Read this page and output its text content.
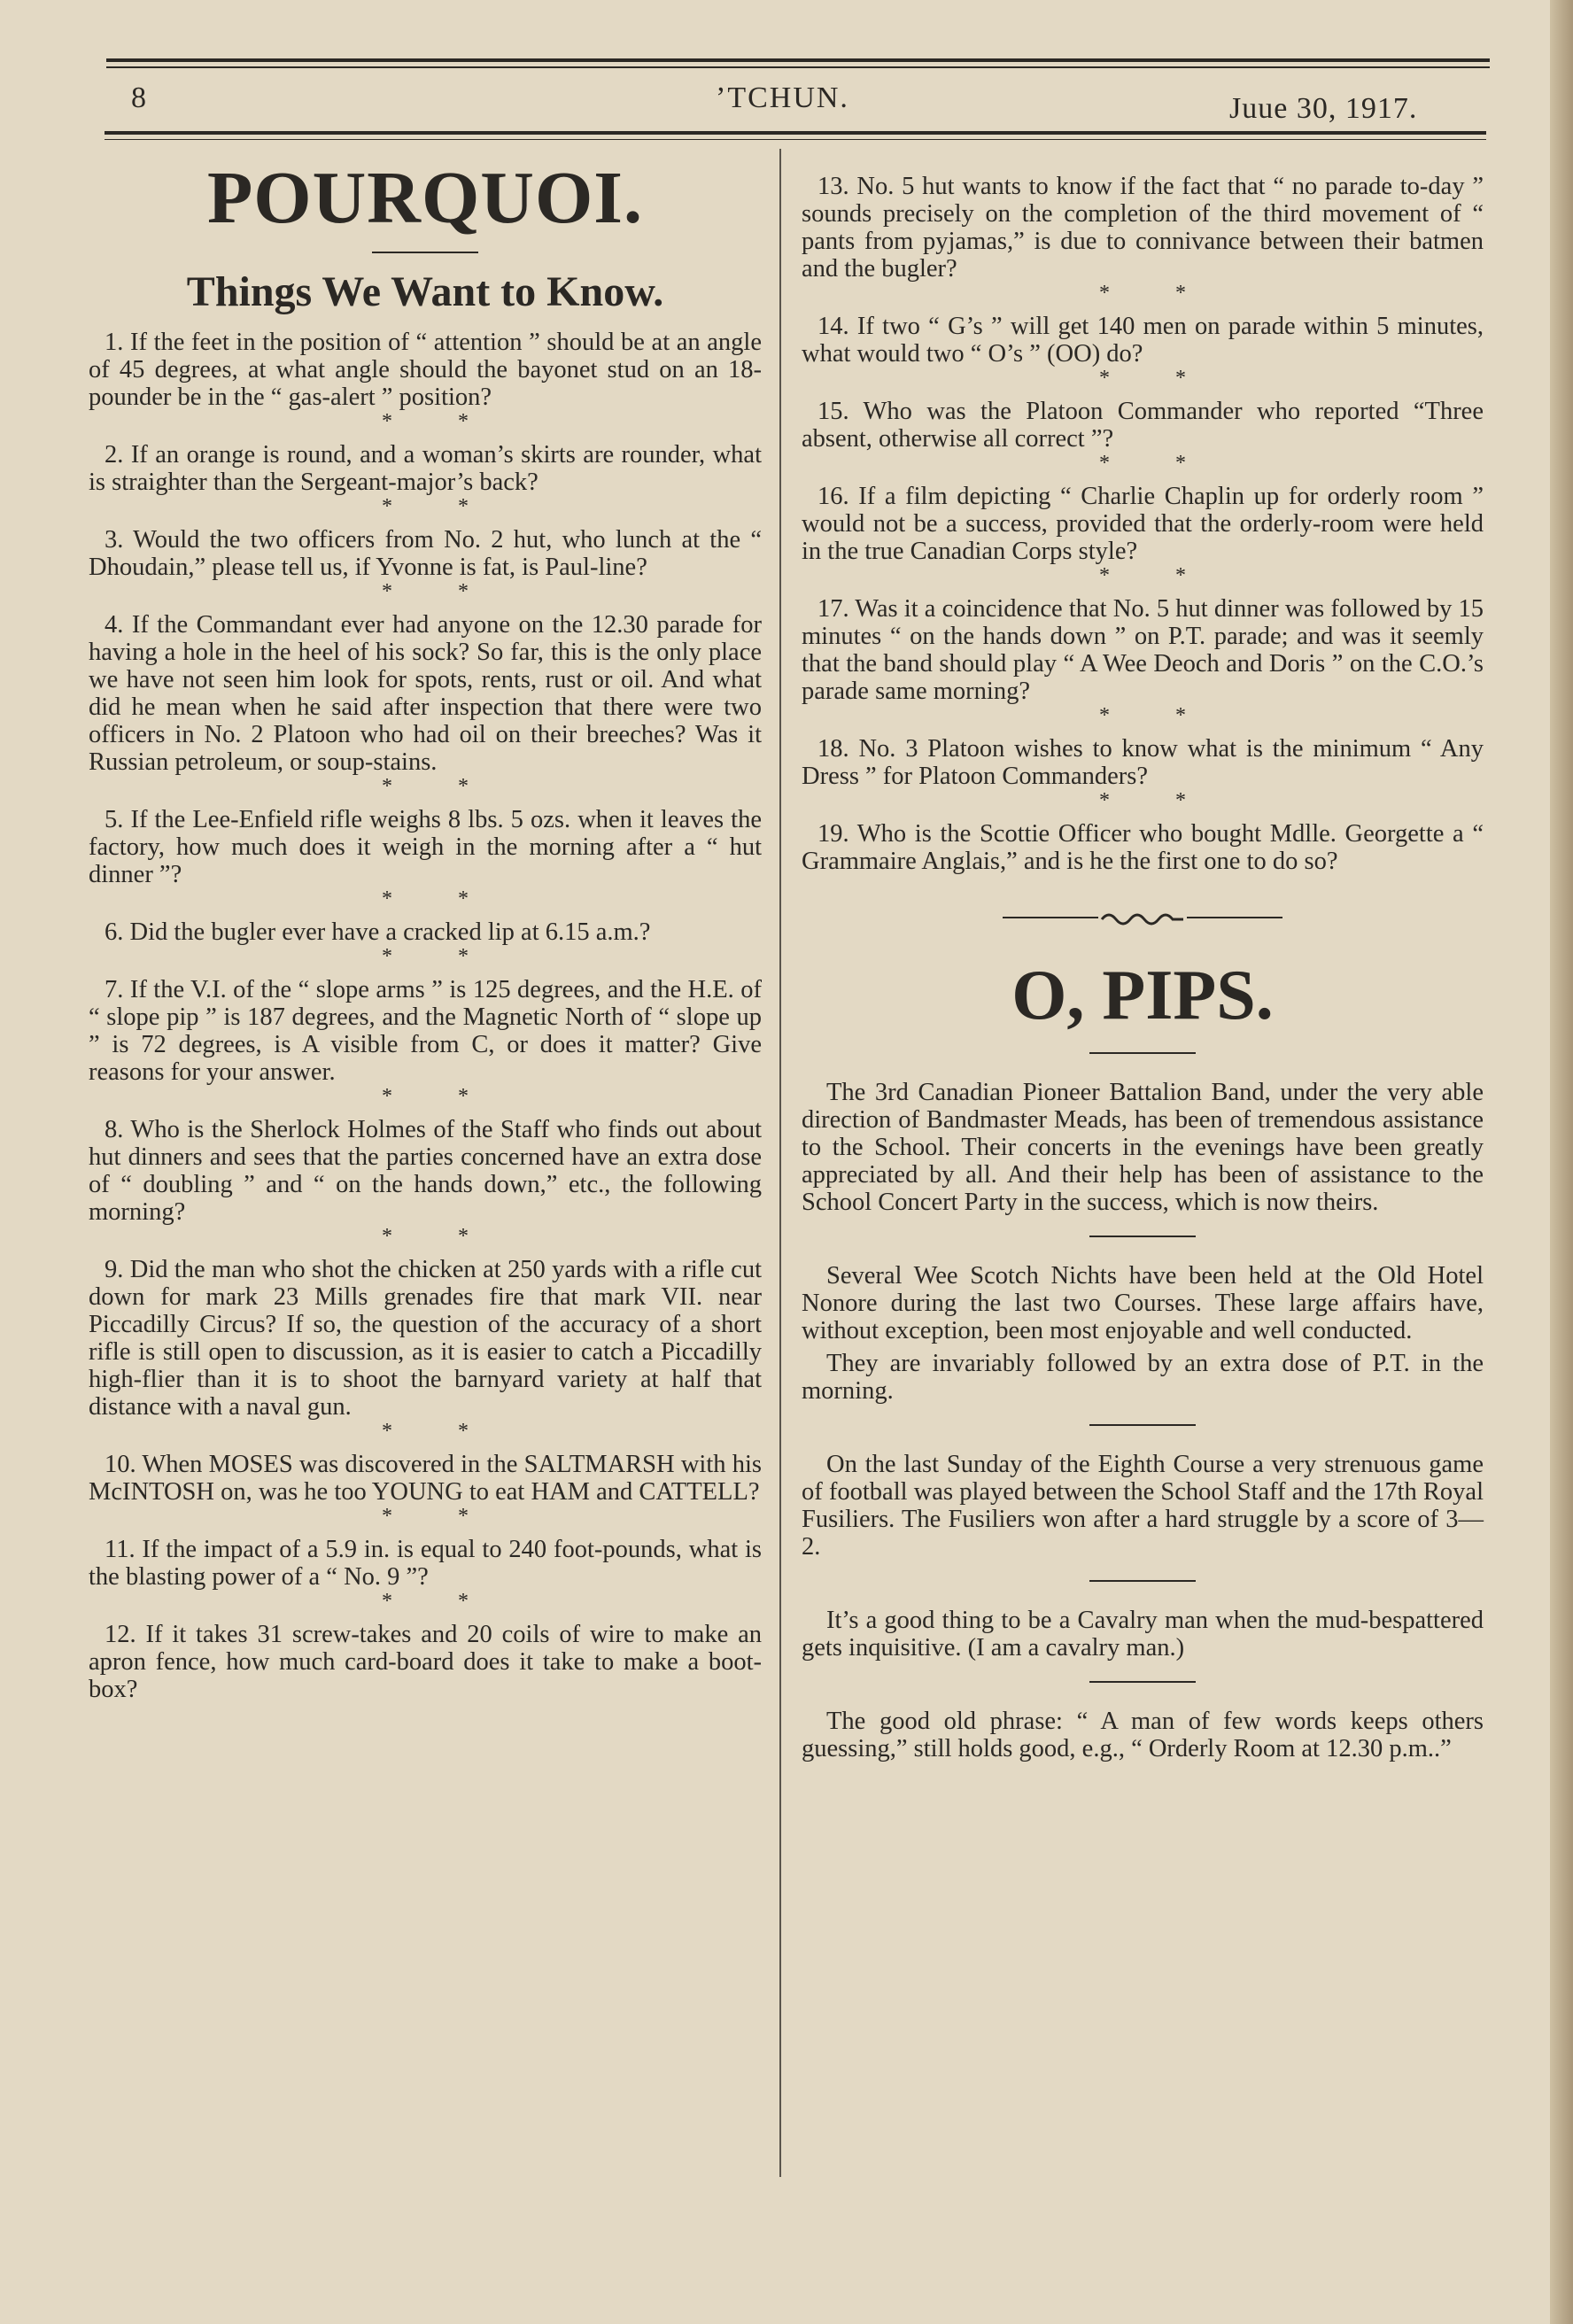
8	’TCHUN.	Juue 30, 1917.
POURQUOI.
Things We Want to Know.

1. If the feet in the position of “ attention ” should be at an angle of 45 degrees, at what angle should the bayonet stud on an 18-pounder be in the “ gas-alert ” position?

* *

2. If an orange is round, and a woman’s skirts are rounder, what is straighter than the Sergeant-major’s back?

* *

3. Would the two officers from No. 2 hut, who lunch at the “ Dhoudain,” please tell us, if Yvonne is fat, is Paul-line?

* *

4. If the Commandant ever had anyone on the 12.30 parade for having a hole in the heel of his sock? So far, this is the only place we have not seen him look for spots, rents, rust or oil. And what did he mean when he said after inspection that there were two officers in No. 2 Platoon who had oil on their breeches? Was it Russian petroleum, or soup-stains.

* *

5. If the Lee-Enfield rifle weighs 8 lbs. 5 ozs. when it leaves the factory, how much does it weigh in the morning after a “ hut dinner ”?

* *

6. Did the bugler ever have a cracked lip at 6.15 a.m.?

* *

7. If the V.I. of the “ slope arms ” is 125 degrees, and the H.E. of “ slope pip ” is 187 degrees, and the Magnetic North of “ slope up ” is 72 degrees, is A visible from C, or does it matter? Give reasons for your answer.

* *

8. Who is the Sherlock Holmes of the Staff who finds out about hut dinners and sees that the parties concerned have an extra dose of “ doubling ” and “ on the hands down,” etc., the following morning?

* *

9. Did the man who shot the chicken at 250 yards with a rifle cut down for mark 23 Mills grenades fire that mark VII. near Piccadilly Circus? If so, the question of the accuracy of a short rifle is still open to discussion, as it is easier to catch a Piccadilly high-flier than it is to shoot the barnyard variety at half that distance with a naval gun.

* *

10. When MOSES was discovered in the SALTMARSH with his McINTOSH on, was he too YOUNG to eat HAM and CATTELL?

* *

11. If the impact of a 5.9 in. is equal to 240 foot-pounds, what is the blasting power of a “ No. 9 ”?

* *

12. If it takes 31 screw-takes and 20 coils of wire to make an apron fence, how much card-board does it take to make a boot-box?

13. No. 5 hut wants to know if the fact that “ no parade to-day ” sounds precisely on the completion of the third movement of “ pants from pyjamas,” is due to connivance between their batmen and the bugler?

* *

14. If two “ G’s ” will get 140 men on parade within 5 minutes, what would two “ O’s ” (OO) do?

* *

15. Who was the Platoon Commander who reported “Three absent, otherwise all correct ”?

* *

16. If a film depicting “ Charlie Chaplin up for orderly room ” would not be a success, provided that the orderly-room were held in the true Canadian Corps style?

* *

17. Was it a coincidence that No. 5 hut dinner was followed by 15 minutes “ on the hands down ” on P.T. parade; and was it seemly that the band should play “ A Wee Deoch and Doris ” on the C.O.’s parade same morning?

* *

18. No. 3 Platoon wishes to know what is the minimum “ Any Dress ” for Platoon Commanders?

* *

19. Who is the Scottie Officer who bought Mdlle. Georgette a “ Grammaire Anglais,” and is he the first one to do so?

O, PIPS.

The 3rd Canadian Pioneer Battalion Band, under the very able direction of Bandmaster Meads, has been of tremendous assistance to the School. Their concerts in the evenings have been greatly appreciated by all. And their help has been of assistance to the School Concert Party in the success, which is now theirs.

Several Wee Scotch Nichts have been held at the Old Hotel Nonore during the last two Courses. These large affairs have, without exception, been most enjoyable and well conducted.

They are invariably followed by an extra dose of P.T. in the morning.

On the last Sunday of the Eighth Course a very strenuous game of football was played between the School Staff and the 17th Royal Fusiliers. The Fusiliers won after a hard struggle by a score of 3—2.

It’s a good thing to be a Cavalry man when the mud-bespattered gets inquisitive. (I am a cavalry man.)

The good old phrase: “ A man of few words keeps others guessing,” still holds good, e.g., “ Orderly Room at 12.30 p.m..”
